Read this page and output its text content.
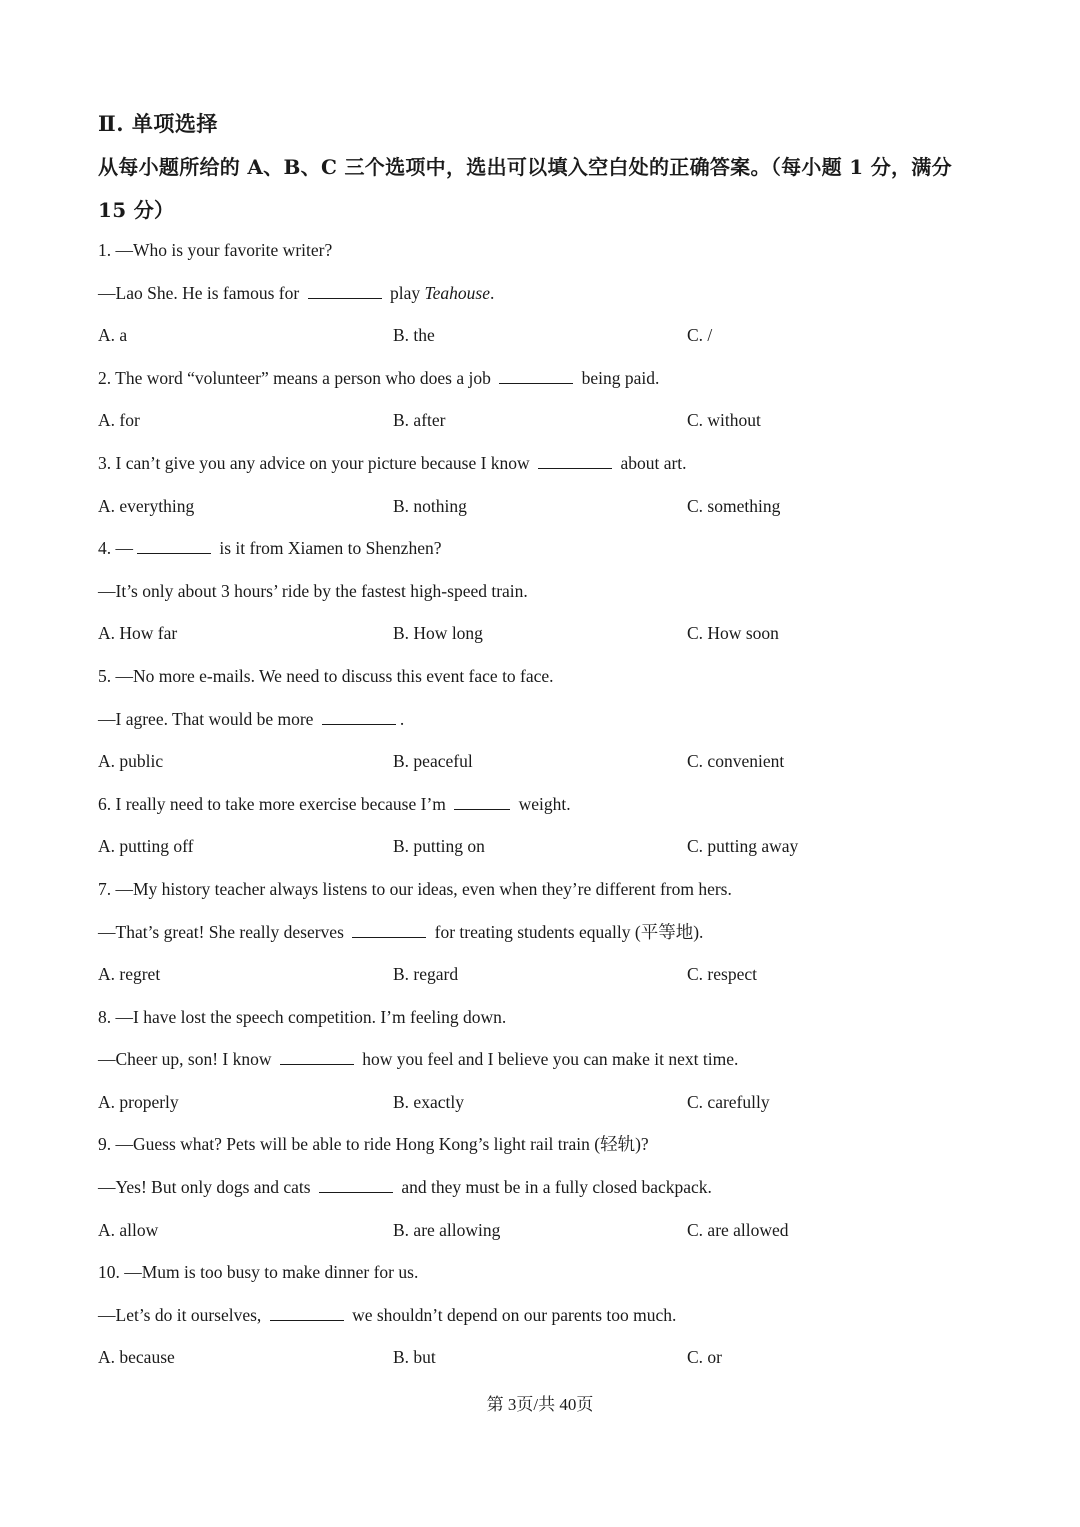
Ⅱ. 单项选择
从每小题所给的 A、B、C 三个选项中，选出可以填入空白处的正确答案。（每小题 1 分，满分 15 分）
1. —Who is your favorite writer?
—Lao She. He is famous for	play Teahouse.
A. a	B. the	C. /
2. The word “volunteer” means a person who does a job	being paid.
A. for	B. after	C. without
3. I can’t give you any advice on your picture because I know	about art.
A. everything	B. nothing	C. something
4. —	is it from Xiamen to Shenzhen?
—It’s only about 3 hours’ ride by the fastest high-speed train.
A. How far	B. How long	C. How soon
5. —No more e-mails. We need to discuss this event face to face.
—I agree. That would be more	.
A. public	B. peaceful	C. convenient
6. I really need to take more exercise because I’m	weight.
A. putting off	B. putting on	C. putting away
7. —My history teacher always listens to our ideas, even when they’re different from hers.
—That’s great! She really deserves	for treating students equally (平等地).
A. regret	B. regard	C. respect
8. —I have lost the speech competition. I’m feeling down.
—Cheer up, son! I know	how you feel and I believe you can make it next time.
A. properly	B. exactly	C. carefully
9. —Guess what? Pets will be able to ride Hong Kong’s light rail train (轻轨)?
—Yes! But only dogs and cats	and they must be in a fully closed backpack.
A. allow	B. are allowing	C. are allowed
10. —Mum is too busy to make dinner for us.
—Let’s do it ourselves,	we shouldn’t depend on our parents too much.
A. because	B. but	C. or
第 3页/共 40页
